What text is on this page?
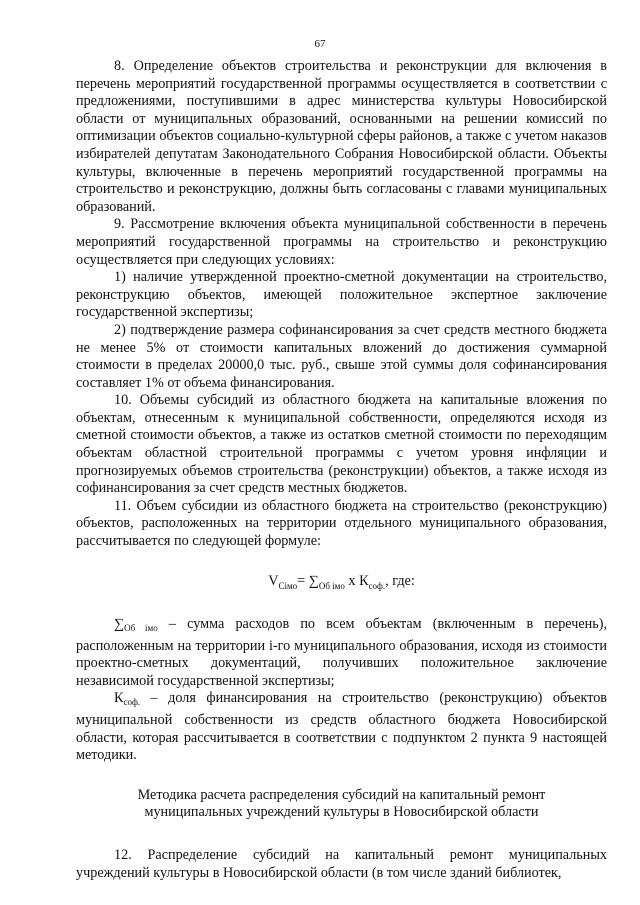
67

8. Определение объектов строительства и реконструкции для включения в перечень мероприятий государственной программы осуществляется в соответствии с предложениями, поступившими в адрес министерства культуры Новосибирской области от муниципальных образований, основанными на решении комиссий по оптимизации объектов социально-культурной сферы районов, а также с учетом наказов избирателей депутатам Законодательного Собрания Новосибирской области. Объекты культуры, включенные в перечень мероприятий государственной программы на строительство и реконструкцию, должны быть согласованы с главами муниципальных образований.

9. Рассмотрение включения объекта муниципальной собственности в перечень мероприятий государственной программы на строительство и реконструкцию осуществляется при следующих условиях:

1) наличие утвержденной проектно-сметной документации на строительство, реконструкцию объектов, имеющей положительное экспертное заключение государственной экспертизы;

2) подтверждение размера софинансирования за счет средств местного бюджета не менее 5% от стоимости капитальных вложений до достижения суммарной стоимости в пределах 20000,0 тыс. руб., свыше этой суммы доля софинансирования составляет 1% от объема финансирования.

10. Объемы субсидий из областного бюджета на капитальные вложения по объектам, отнесенным к муниципальной собственности, определяются исходя из сметной стоимости объектов, а также из остатков сметной стоимости по переходящим объектам областной строительной программы с учетом уровня инфляции и прогнозируемых объемов строительства (реконструкции) объектов, а также исходя из софинансирования за счет средств местных бюджетов.

11. Объем субсидии из областного бюджета на строительство (реконструкцию) объектов, расположенных на территории отдельного муниципального образования, рассчитывается по следующей формуле:

$V_{Ciмo}= \sum_{Об iмо}$ х $К_{соф.}$, где:

$\sum_{Об iмо}$ – сумма расходов по всем объектам (включенным в перечень), расположенным на территории i-го муниципального образования, исходя из стоимости проектно-сметных документаций, получивших положительное заключение независимой государственной экспертизы;

$К_{соф.}$ – доля финансирования на строительство (реконструкцию) объектов муниципальной собственности из средств областного бюджета Новосибирской области, которая рассчитывается в соответствии с подпунктом 2 пункта 9 настоящей методики.

Методика расчета распределения субсидий на капитальный ремонт
муниципальных учреждений культуры в Новосибирской области

12. Распределение субсидий на капитальный ремонт муниципальных учреждений культуры в Новосибирской области (в том числе зданий библиотек,
